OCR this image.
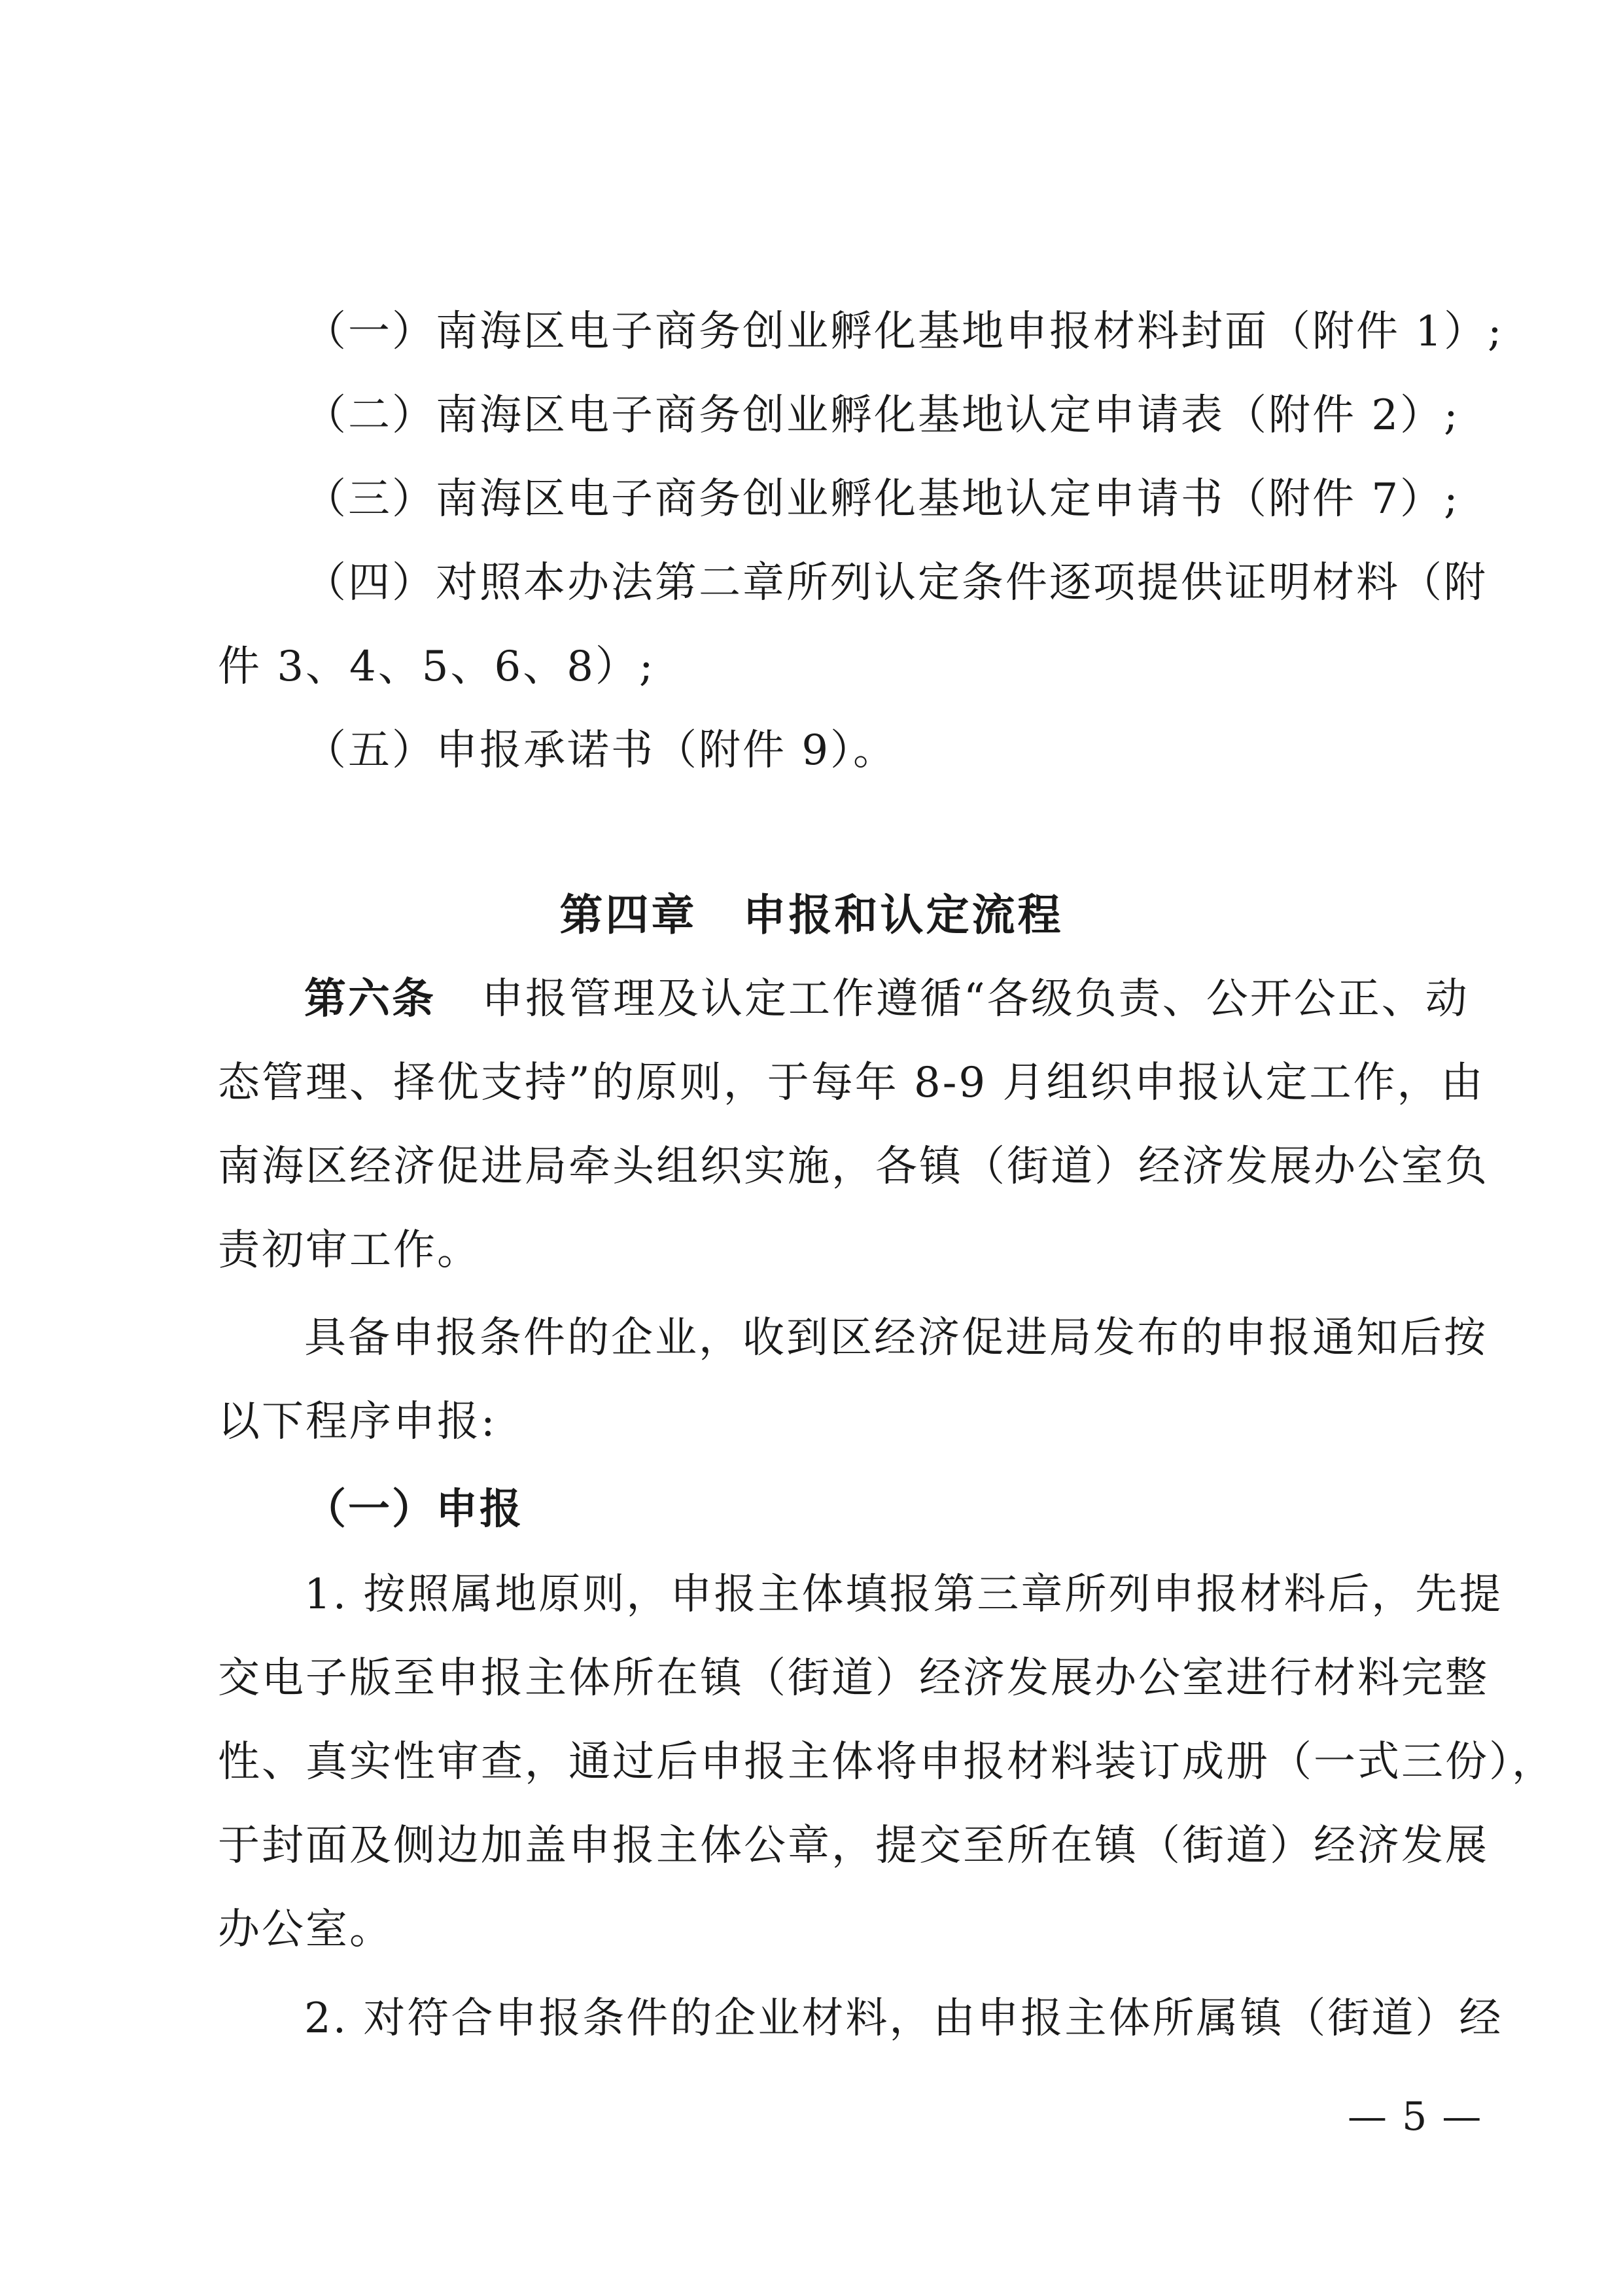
（一）南海区电子商务创业孵化基地申报材料封面（附件 1）;
（二）南海区电子商务创业孵化基地认定申请表（附件 2）;
（三）南海区电子商务创业孵化基地认定申请书（附件 7）;
（四）对照本办法第二章所列认定条件逐项提供证明材料（附
件 3、4、5、6、8）;
（五）申报承诺书（附件 9）。
第四章　申报和认定流程
第六条 申报管理及认定工作遵循“各级负责、公开公正、动
态管理、择优支持”的原则，于每年 8-9 月组织申报认定工作，由
南海区经济促进局牵头组织实施，各镇（街道）经济发展办公室负
责初审工作。
具备申报条件的企业，收到区经济促进局发布的申报通知后按
以下程序申报:
（一）申报
1. 按照属地原则，申报主体填报第三章所列申报材料后，先提
交电子版至申报主体所在镇（街道）经济发展办公室进行材料完整
性、真实性审查，通过后申报主体将申报材料装订成册（一式三份），
于封面及侧边加盖申报主体公章，提交至所在镇（街道）经济发展
办公室。
2. 对符合申报条件的企业材料，由申报主体所属镇（街道）经
— 5 —
